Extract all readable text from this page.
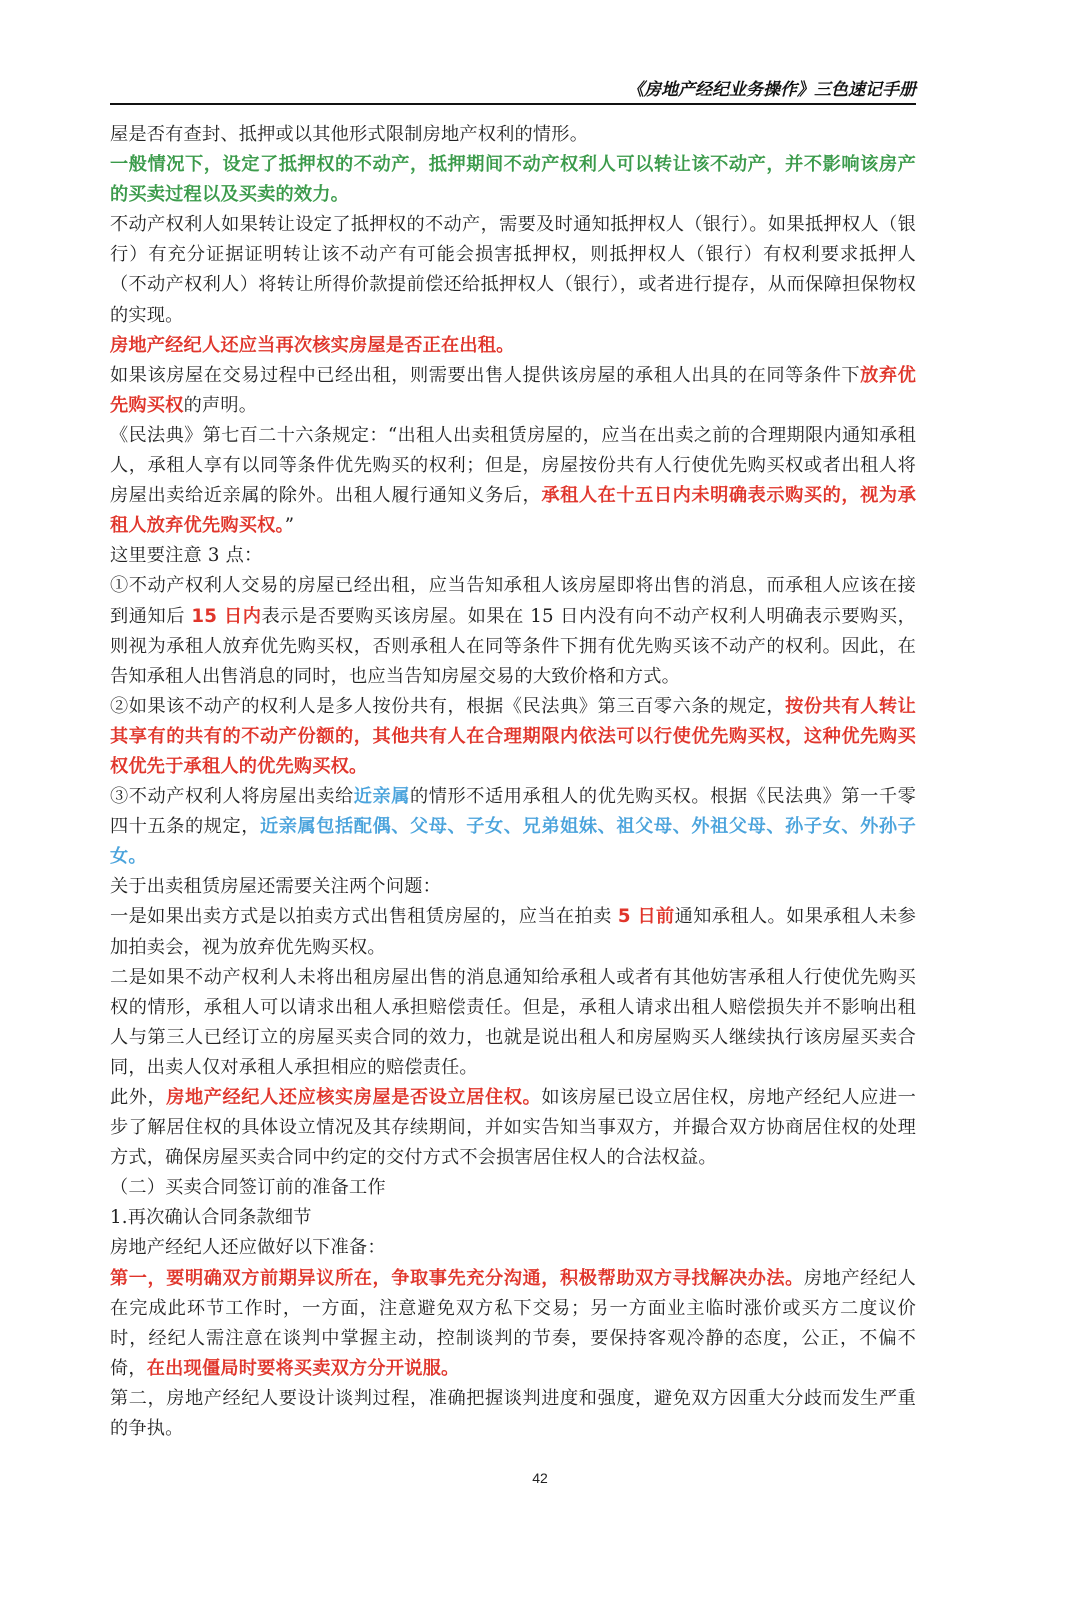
《房地产经纪业务操作》三色速记手册

屋是否有查封、抵押或以其他形式限制房地产权利的情形。

一般情况下，设定了抵押权的不动产，抵押期间不动产权利人可以转让该不动产，并不影响该房产的买卖过程以及买卖的效力。

不动产权利人如果转让设定了抵押权的不动产，需要及时通知抵押权人（银行）。如果抵押权人（银行）有充分证据证明转让该不动产有可能会损害抵押权，则抵押权人（银行）有权利要求抵押人（不动产权利人）将转让所得价款提前偿还给抵押权人（银行），或者进行提存，从而保障担保物权的实现。

房地产经纪人还应当再次核实房屋是否正在出租。

如果该房屋在交易过程中已经出租，则需要出售人提供该房屋的承租人出具的在同等条件下放弃优先购买权的声明。

《民法典》第七百二十六条规定：“出租人出卖租赁房屋的，应当在出卖之前的合理期限内通知承租人，承租人享有以同等条件优先购买的权利；但是，房屋按份共有人行使优先购买权或者出租人将房屋出卖给近亲属的除外。出租人履行通知义务后，承租人在十五日内未明确表示购买的，视为承租人放弃优先购买权。”

这里要注意 3 点：

①不动产权利人交易的房屋已经出租，应当告知承租人该房屋即将出售的消息，而承租人应该在接到通知后 15 日内表示是否要购买该房屋。如果在 15 日内没有向不动产权利人明确表示要购买，则视为承租人放弃优先购买权，否则承租人在同等条件下拥有优先购买该不动产的权利。因此，在告知承租人出售消息的同时，也应当告知房屋交易的大致价格和方式。

②如果该不动产的权利人是多人按份共有，根据《民法典》第三百零六条的规定，按份共有人转让其享有的共有的不动产份额的，其他共有人在合理期限内依法可以行使优先购买权，这种优先购买权优先于承租人的优先购买权。

③不动产权利人将房屋出卖给近亲属的情形不适用承租人的优先购买权。根据《民法典》第一千零四十五条的规定，近亲属包括配偶、父母、子女、兄弟姐妹、祖父母、外祖父母、孙子女、外孙子女。

关于出卖租赁房屋还需要关注两个问题：

一是如果出卖方式是以拍卖方式出售租赁房屋的，应当在拍卖 5 日前通知承租人。如果承租人未参加拍卖会，视为放弃优先购买权。

二是如果不动产权利人未将出租房屋出售的消息通知给承租人或者有其他妨害承租人行使优先购买权的情形，承租人可以请求出租人承担赔偿责任。但是，承租人请求出租人赔偿损失并不影响出租人与第三人已经订立的房屋买卖合同的效力，也就是说出租人和房屋购买人继续执行该房屋买卖合同，出卖人仅对承租人承担相应的赔偿责任。

此外，房地产经纪人还应核实房屋是否设立居住权。如该房屋已设立居住权，房地产经纪人应进一步了解居住权的具体设立情况及其存续期间，并如实告知当事双方，并撮合双方协商居住权的处理方式，确保房屋买卖合同中约定的交付方式不会损害居住权人的合法权益。

（二）买卖合同签订前的准备工作

1.再次确认合同条款细节

房地产经纪人还应做好以下准备：

第一，要明确双方前期异议所在，争取事先充分沟通，积极帮助双方寻找解决办法。房地产经纪人在完成此环节工作时，一方面，注意避免双方私下交易；另一方面业主临时涨价或买方二度议价时，经纪人需注意在谈判中掌握主动，控制谈判的节奏，要保持客观冷静的态度，公正，不偏不倚，在出现僵局时要将买卖双方分开说服。

第二，房地产经纪人要设计谈判过程，准确把握谈判进度和强度，避免双方因重大分歧而发生严重的争执。

42
